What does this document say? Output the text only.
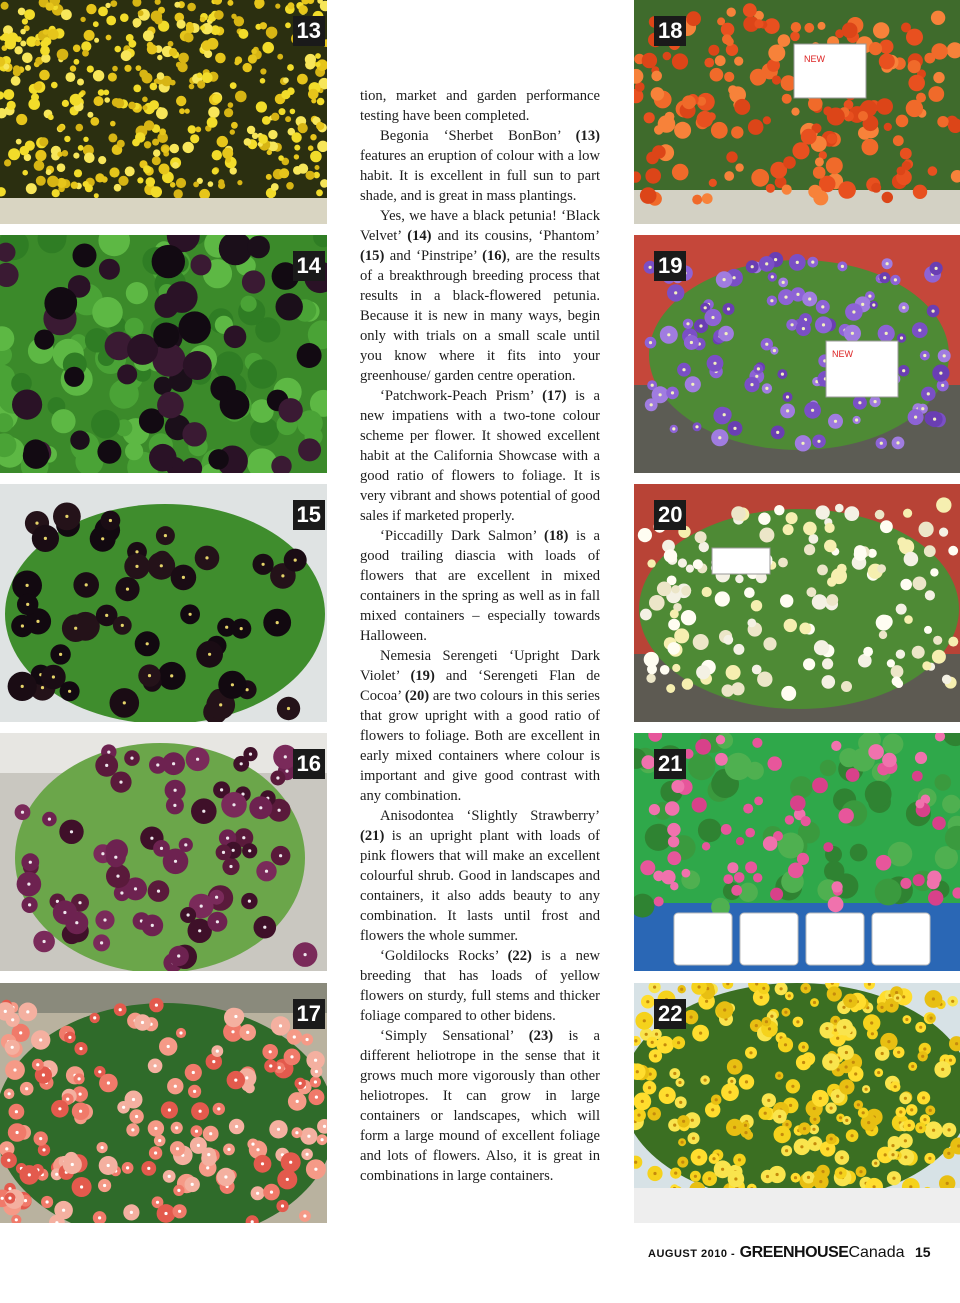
13
14
15
16
17
NEW
18
NEW
19
20
21
22

tion, market and garden performance testing have been completed.

Begonia ‘Sherbet BonBon’ (13) features an eruption of colour with a low habit. It is excellent in full sun to part shade, and is great in mass plantings.

Yes, we have a black petunia! ‘Black Velvet’ (14) and its cousins, ‘Phantom’ (15) and ‘Pinstripe’ (16), are the results of a breakthrough breeding process that results in a black-flowered petunia. Because it is new in many ways, begin only with trials on a small scale until you know where it fits into your greenhouse/ garden centre operation.

‘Patchwork-Peach Prism’ (17) is a new impatiens with a two-tone colour scheme per flower. It showed excellent habit at the California Showcase with a good ratio of flowers to foliage. It is very vibrant and shows potential of good sales if marketed properly.

‘Piccadilly Dark Salmon’ (18) is a good trailing diascia with loads of flowers that are excellent in mixed containers in the spring as well as in fall mixed containers – especially towards Halloween.

Nemesia Serengeti ‘Upright Dark Violet’ (19) and ‘Serengeti Flan de Cocoa’ (20) are two colours in this series that grow upright with a good ratio of flowers to foliage. Both are excellent in early mixed containers where colour is important and give good contrast with any combination.

Anisodontea ‘Slightly Strawberry’ (21) is an upright plant with loads of pink flowers that will make an excellent colourful shrub. Good in landscapes and containers, it also adds beauty to any combination. It lasts until frost and flowers the whole summer.

‘Goldilocks Rocks’ (22) is a new breeding that has loads of yellow flowers on sturdy, full stems and thicker foliage compared to other bidens.

‘Simply Sensational’ (23) is a different heliotrope in the sense that it grows much more vigorously than other heliotropes. It can grow in large containers or landscapes, which will form a large mound of excellent foliage and lots of flowers. Also, it is great in combinations in large containers.

AUGUST 2010 - GREENHOUSECanada 15
